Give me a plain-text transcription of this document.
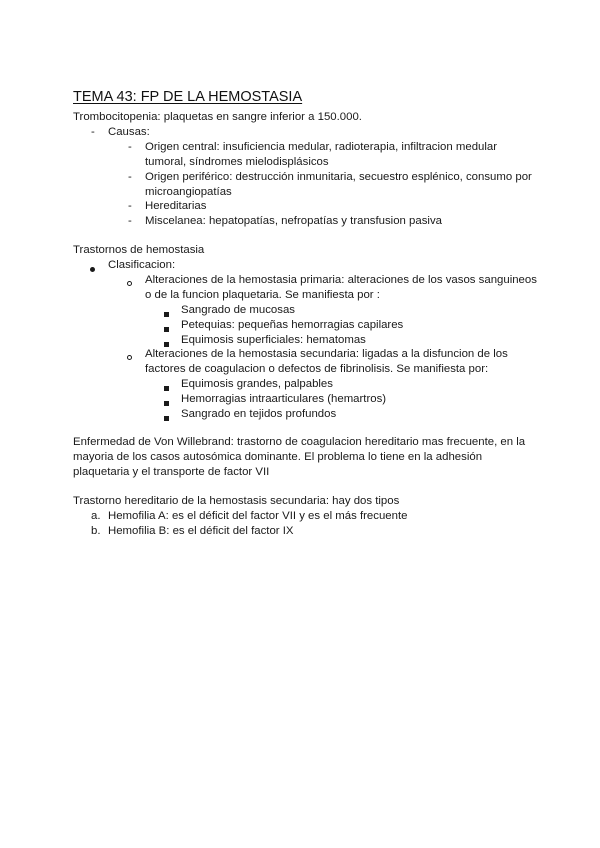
TEMA 43: FP DE LA HEMOSTASIA

Trombocitopenia: plaquetas en sangre inferior a 150.000.

- Causas:
- Origen central: insuficiencia medular, radioterapia, infiltracion medular
tumoral, síndromes mielodisplásicos
- Origen periférico: destrucción inmunitaria, secuestro esplénico, consumo por
microangiopatías
- Hereditarias
- Miscelanea: hepatopatías, nefropatías y transfusion pasiva

Trastornos de hemostasia

Clasificacion:
Alteraciones de la hemostasia primaria: alteraciones de los vasos sanguineos
o de la funcion plaquetaria. Se manifiesta por :
Sangrado de mucosas
Petequias: pequeñas hemorragias capilares
Equimosis superficiales: hematomas
Alteraciones de la hemostasia secundaria: ligadas a la disfuncion de los
factores de coagulacion o defectos de fibrinolisis. Se manifiesta por:
Equimosis grandes, palpables
Hemorragias intraarticulares (hemartros)
Sangrado en tejidos profundos

Enfermedad de Von Willebrand: trastorno de coagulacion hereditario mas frecuente, en la

mayoria de los casos autosómica dominante. El problema lo tiene en la adhesión

plaquetaria y el transporte de factor VII

Trastorno hereditario de la hemostasis secundaria: hay dos tipos

a. Hemofilia A: es el déficit del factor VII y es el más frecuente
b. Hemofilia B: es el déficit del factor IX
